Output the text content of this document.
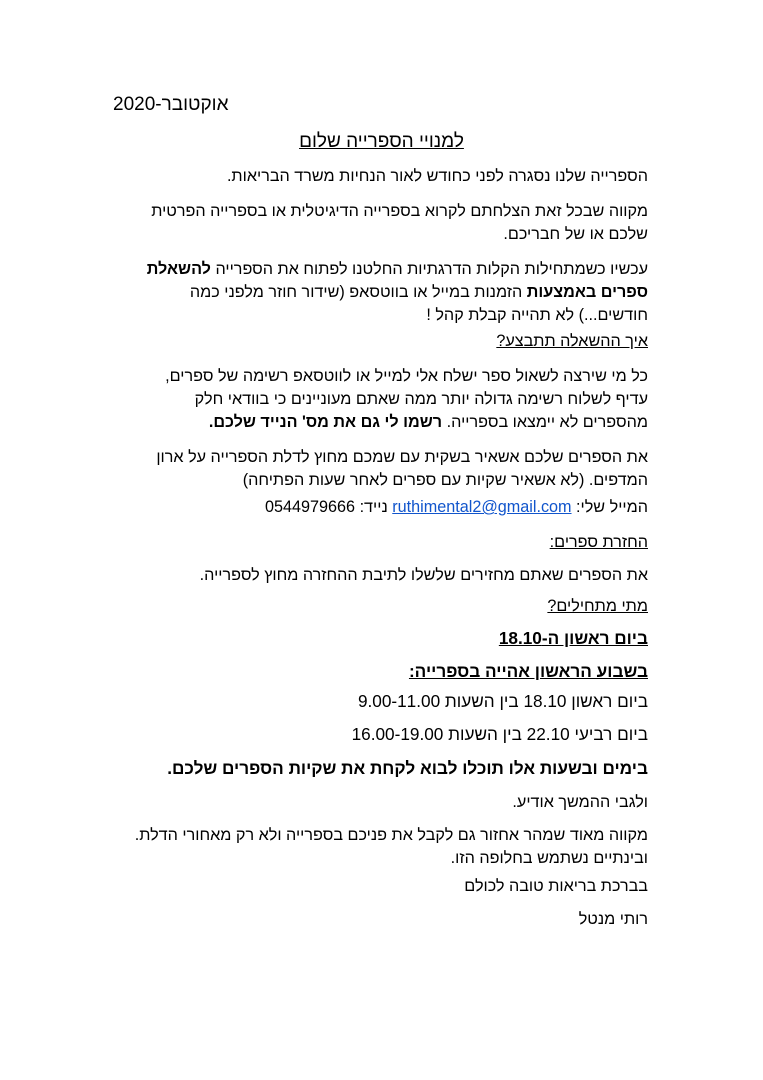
אוקטובר-2020
למנויי הספרייה שלום
הספרייה שלנו נסגרה לפני כחודש לאור הנחיות משרד הבריאות.
מקווה שבכל זאת הצלחתם לקרוא בספרייה הדיגיטלית או בספרייה הפרטית
שלכם או של חבריכם.
עכשיו כשמתחילות הקלות הדרגתיות החלטנו לפתוח את הספרייה להשאלת
ספרים באמצעות הזמנות במייל או בווטסאפ (שידור חוזר מלפני כמה
חודשים...) לא תהייה קבלת קהל !
איך ההשאלה תתבצע?
כל מי שירצה לשאול ספר ישלח אלי למייל או לווטסאפ רשימה של ספרים,
עדיף לשלוח רשימה גדולה יותר ממה שאתם מעוניינים כי בוודאי חלק
מהספרים לא יימצאו בספרייה. רשמו לי גם את מס' הנייד שלכם.
את הספרים שלכם אשאיר בשקית עם שמכם מחוץ לדלת הספרייה על ארון
המדפים. (לא אשאיר שקיות עם ספרים לאחר שעות הפתיחה)
המייל שלי: ruthimental2@gmail.com נייד: 0544979666
החזרת ספרים:
את הספרים שאתם מחזירים שלשלו לתיבת ההחזרה מחוץ לספרייה.
מתי מתחילים?
ביום ראשון ה-18.10
בשבוע הראשון אהייה בספרייה:
ביום ראשון 18.10 בין השעות 9.00-11.00
ביום רביעי 22.10 בין השעות 16.00-19.00
בימים ובשעות אלו תוכלו לבוא לקחת את שקיות הספרים שלכם.
ולגבי ההמשך אודיע.
מקווה מאוד שמהר אחזור גם לקבל את פניכם בספרייה ולא רק מאחורי הדלת.
ובינתיים נשתמש בחלופה הזו.
בברכת בריאות טובה לכולם
רותי מנטל
